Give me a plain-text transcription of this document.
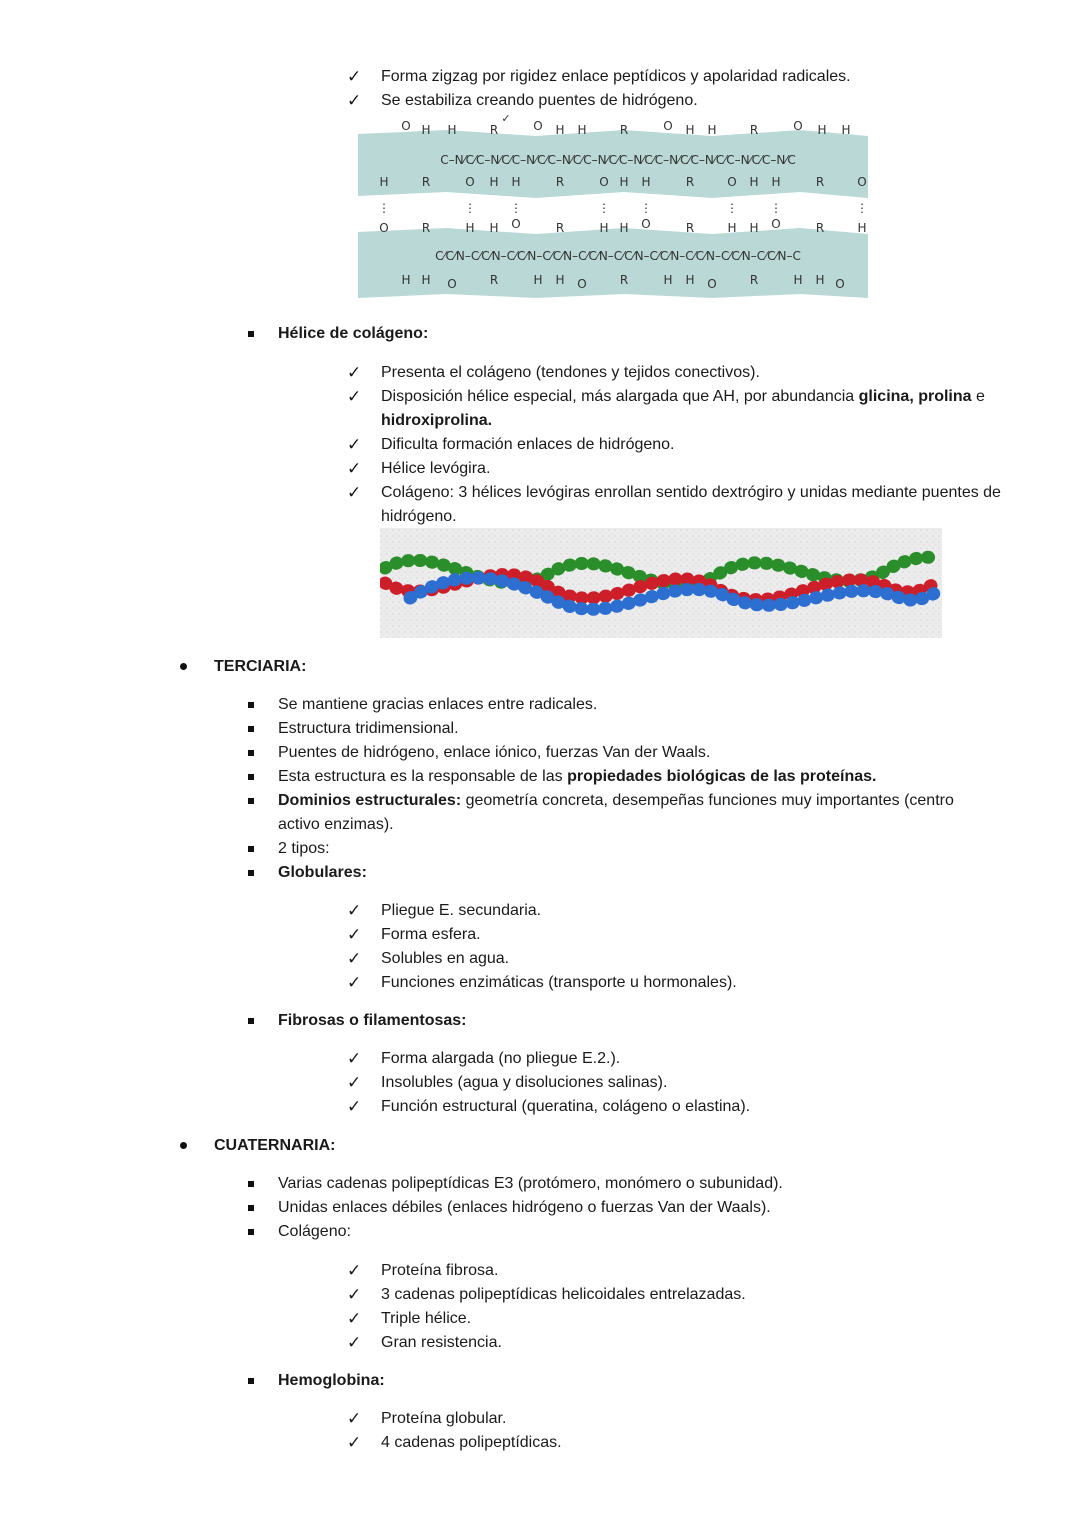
✓ Forma zigzag por rigidez enlace peptídicos y apolaridad radicales.
✓ Se estabiliza creando puentes de hidrógeno.
✓
O H H	R	O H H	R	O H H	R	O H H
C–N⁄C⁄C–N⁄C⁄C–N⁄C⁄C–N⁄C⁄C–N⁄C⁄C–N⁄C⁄C–N⁄C⁄C–N⁄C⁄C–N⁄C⁄C–N⁄C
H	R	O H H	R	O H H	R	O H H	R	O
⋮	⋮	⋮	⋮	⋮	⋮	⋮	⋮
O	R	H H O	R	H H O	R	H H O	R	H
C⁄C⁄N–C⁄C⁄N–C⁄C⁄N–C⁄C⁄N–C⁄C⁄N–C⁄C⁄N–C⁄C⁄N–C⁄C⁄N–C⁄C⁄N–C⁄C⁄N–C
H H O	R	H H O	R	H H O	R	H H O
Hélice de colágeno:
✓ Presenta el colágeno (tendones y tejidos conectivos).
✓ Disposición hélice especial, más alargada que AH, por abundancia glicina, prolina e
hidroxiprolina.
✓ Dificulta formación enlaces de hidrógeno.
✓ Hélice levógira.
✓ Colágeno: 3 hélices levógiras enrollan sentido dextrógiro y unidas mediante puentes de hidrógeno.
TERCIARIA:
Se mantiene gracias enlaces entre radicales.
Estructura tridimensional.
Puentes de hidrógeno, enlace iónico, fuerzas Van der Waals.
Esta estructura es la responsable de las propiedades biológicas de las proteínas.
Dominios estructurales: geometría concreta, desempeñas funciones muy importantes (centro activo enzimas).
2 tipos:
Globulares:
✓ Pliegue E. secundaria.
✓ Forma esfera.
✓ Solubles en agua.
✓ Funciones enzimáticas (transporte u hormonales).
Fibrosas o filamentosas:
✓ Forma alargada (no pliegue E.2.).
✓ Insolubles (agua y disoluciones salinas).
✓ Función estructural (queratina, colágeno o elastina).
CUATERNARIA:
Varias cadenas polipeptídicas E3 (protómero, monómero o subunidad).
Unidas enlaces débiles (enlaces hidrógeno o fuerzas Van der Waals).
Colágeno:
✓ Proteína fibrosa.
✓ 3 cadenas polipeptídicas helicoidales entrelazadas.
✓ Triple hélice.
✓ Gran resistencia.
Hemoglobina:
✓ Proteína globular.
✓ 4 cadenas polipeptídicas.
